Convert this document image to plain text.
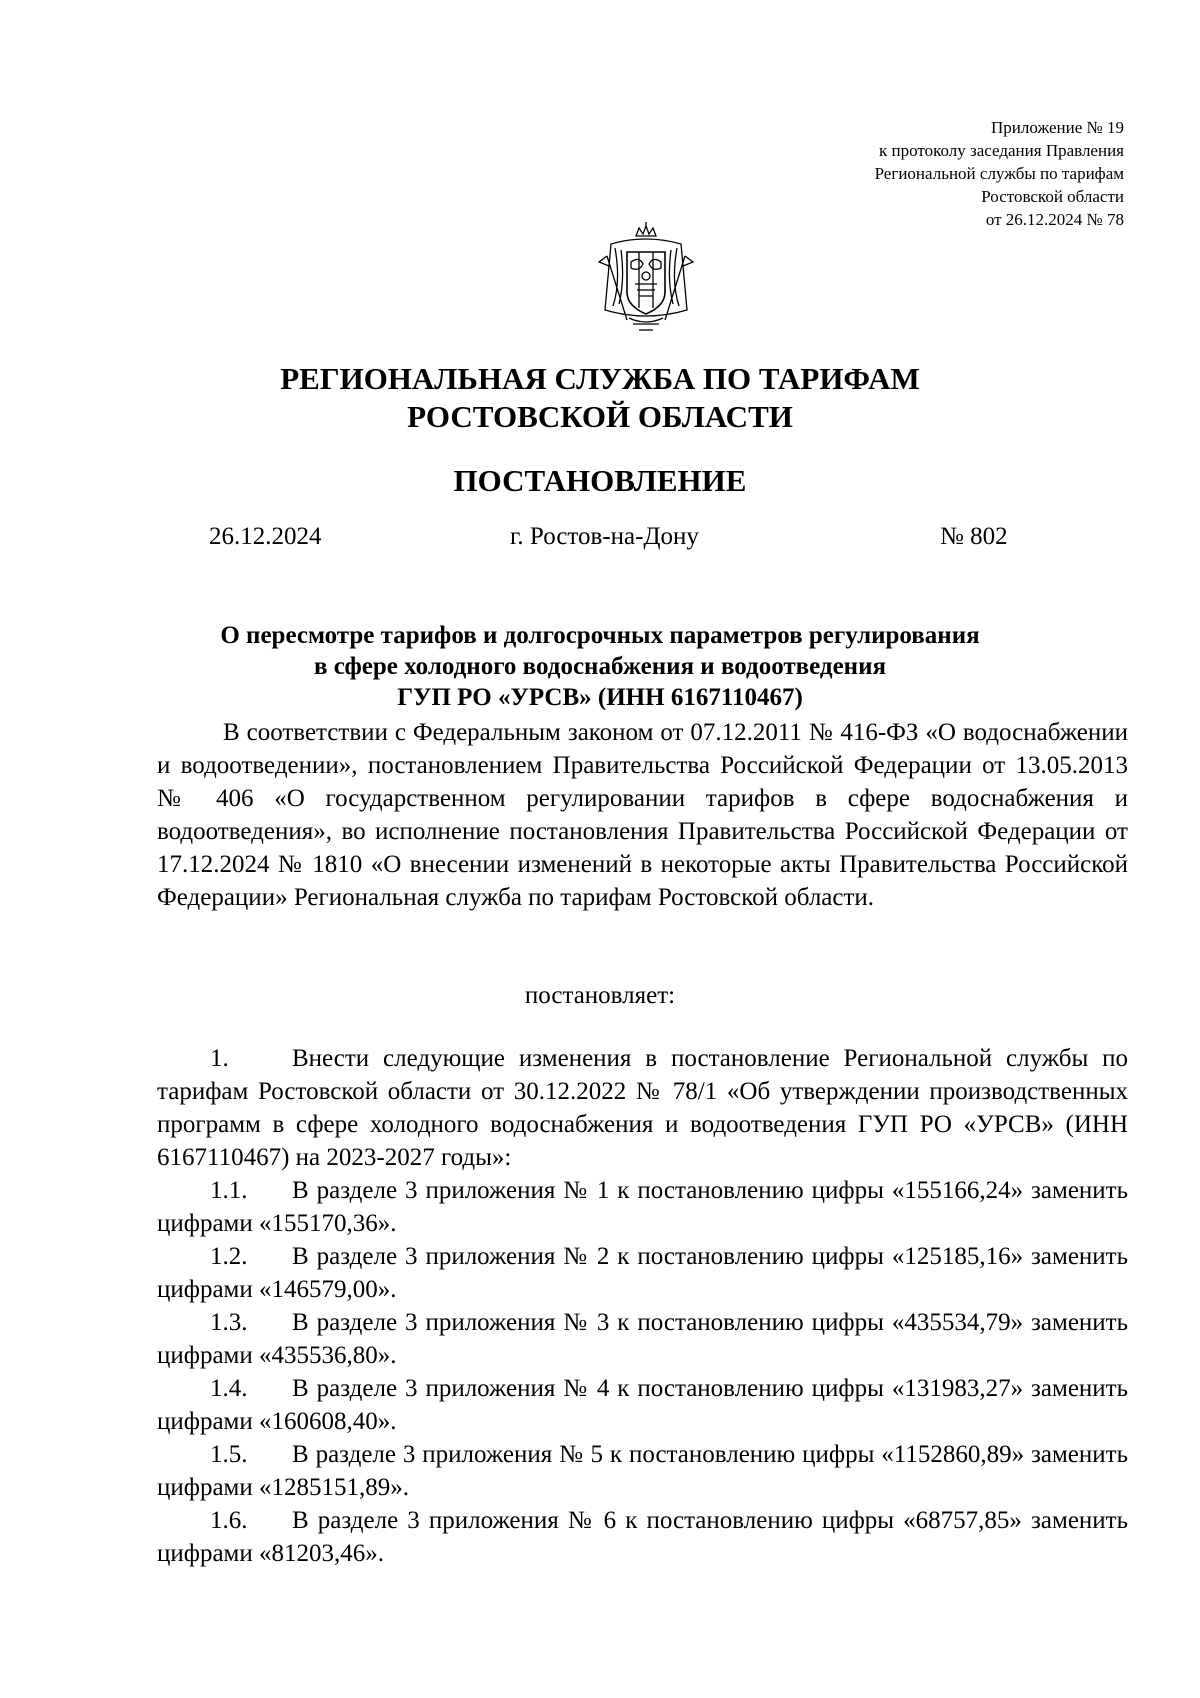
Приложение № 19
к протоколу заседания Правления
Региональной службы по тарифам
Ростовской области
от 26.12.2024 № 78
РЕГИОНАЛЬНАЯ СЛУЖБА ПО ТАРИФАМ
РОСТОВСКОЙ ОБЛАСТИ
ПОСТАНОВЛЕНИЕ
26.12.2024	г. Ростов-на-Дону	№ 802
О пересмотре тарифов и долгосрочных параметров регулирования
в сфере холодного водоснабжения и водоотведения
ГУП РО «УРСВ» (ИНН 6167110467)

В соответствии с Федеральным законом от 07.12.2011 № 416-ФЗ «О водоснабжении и водоотведении», постановлением Правительства Российской Федерации от 13.05.2013 № 406 «О государственном регулировании тарифов в сфере водоснабжения и водоотведения», во исполнение постановления Правительства Российской Федерации от 17.12.2024 № 1810 «О внесении изменений в некоторые акты Правительства Российской Федерации» Региональная служба по тарифам Ростовской области.

постановляет:

1.	Внести следующие изменения в постановление Региональной службы по тарифам Ростовской области от 30.12.2022 № 78/1 «Об утверждении производственных программ в сфере холодного водоснабжения и водоотведения ГУП РО «УРСВ» (ИНН 6167110467) на 2023-2027 годы»:

1.1. В разделе 3 приложения № 1 к постановлению цифры «155166,24» заменить цифрами «155170,36».

1.2. В разделе 3 приложения № 2 к постановлению цифры «125185,16» заменить цифрами «146579,00».

1.3. В разделе 3 приложения № 3 к постановлению цифры «435534,79» заменить цифрами «435536,80».

1.4. В разделе 3 приложения № 4 к постановлению цифры «131983,27» заменить цифрами «160608,40».

1.5. В разделе 3 приложения № 5 к постановлению цифры «1152860,89» заменить цифрами «1285151,89».

1.6. В разделе 3 приложения № 6 к постановлению цифры «68757,85» заменить цифрами «81203,46».
